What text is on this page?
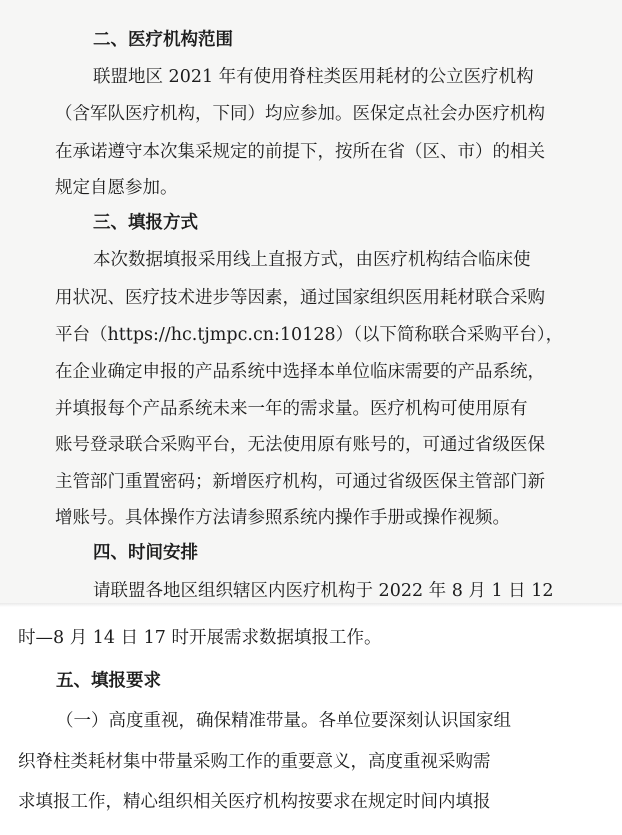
二、医疗机构范围

联盟地区 2021 年有使用脊柱类医用耗材的公立医疗机构

（含军队医疗机构，下同）均应参加。医保定点社会办医疗机构

在承诺遵守本次集采规定的前提下，按所在省（区、市）的相关

规定自愿参加。

三、填报方式

本次数据填报采用线上直报方式，由医疗机构结合临床使

用状况、医疗技术进步等因素，通过国家组织医用耗材联合采购

平台（https://hc.tjmpc.cn:10128）（以下简称联合采购平台），

在企业确定申报的产品系统中选择本单位临床需要的产品系统，

并填报每个产品系统未来一年的需求量。医疗机构可使用原有

账号登录联合采购平台，无法使用原有账号的，可通过省级医保

主管部门重置密码；新增医疗机构，可通过省级医保主管部门新

增账号。具体操作方法请参照系统内操作手册或操作视频。

四、时间安排

请联盟各地区组织辖区内医疗机构于 2022 年 8 月 1 日 12

时—8 月 14 日 17 时开展需求数据填报工作。

五、填报要求

（一）高度重视，确保精准带量。各单位要深刻认识国家组

织脊柱类耗材集中带量采购工作的重要意义，高度重视采购需

求填报工作，精心组织相关医疗机构按要求在规定时间内填报
